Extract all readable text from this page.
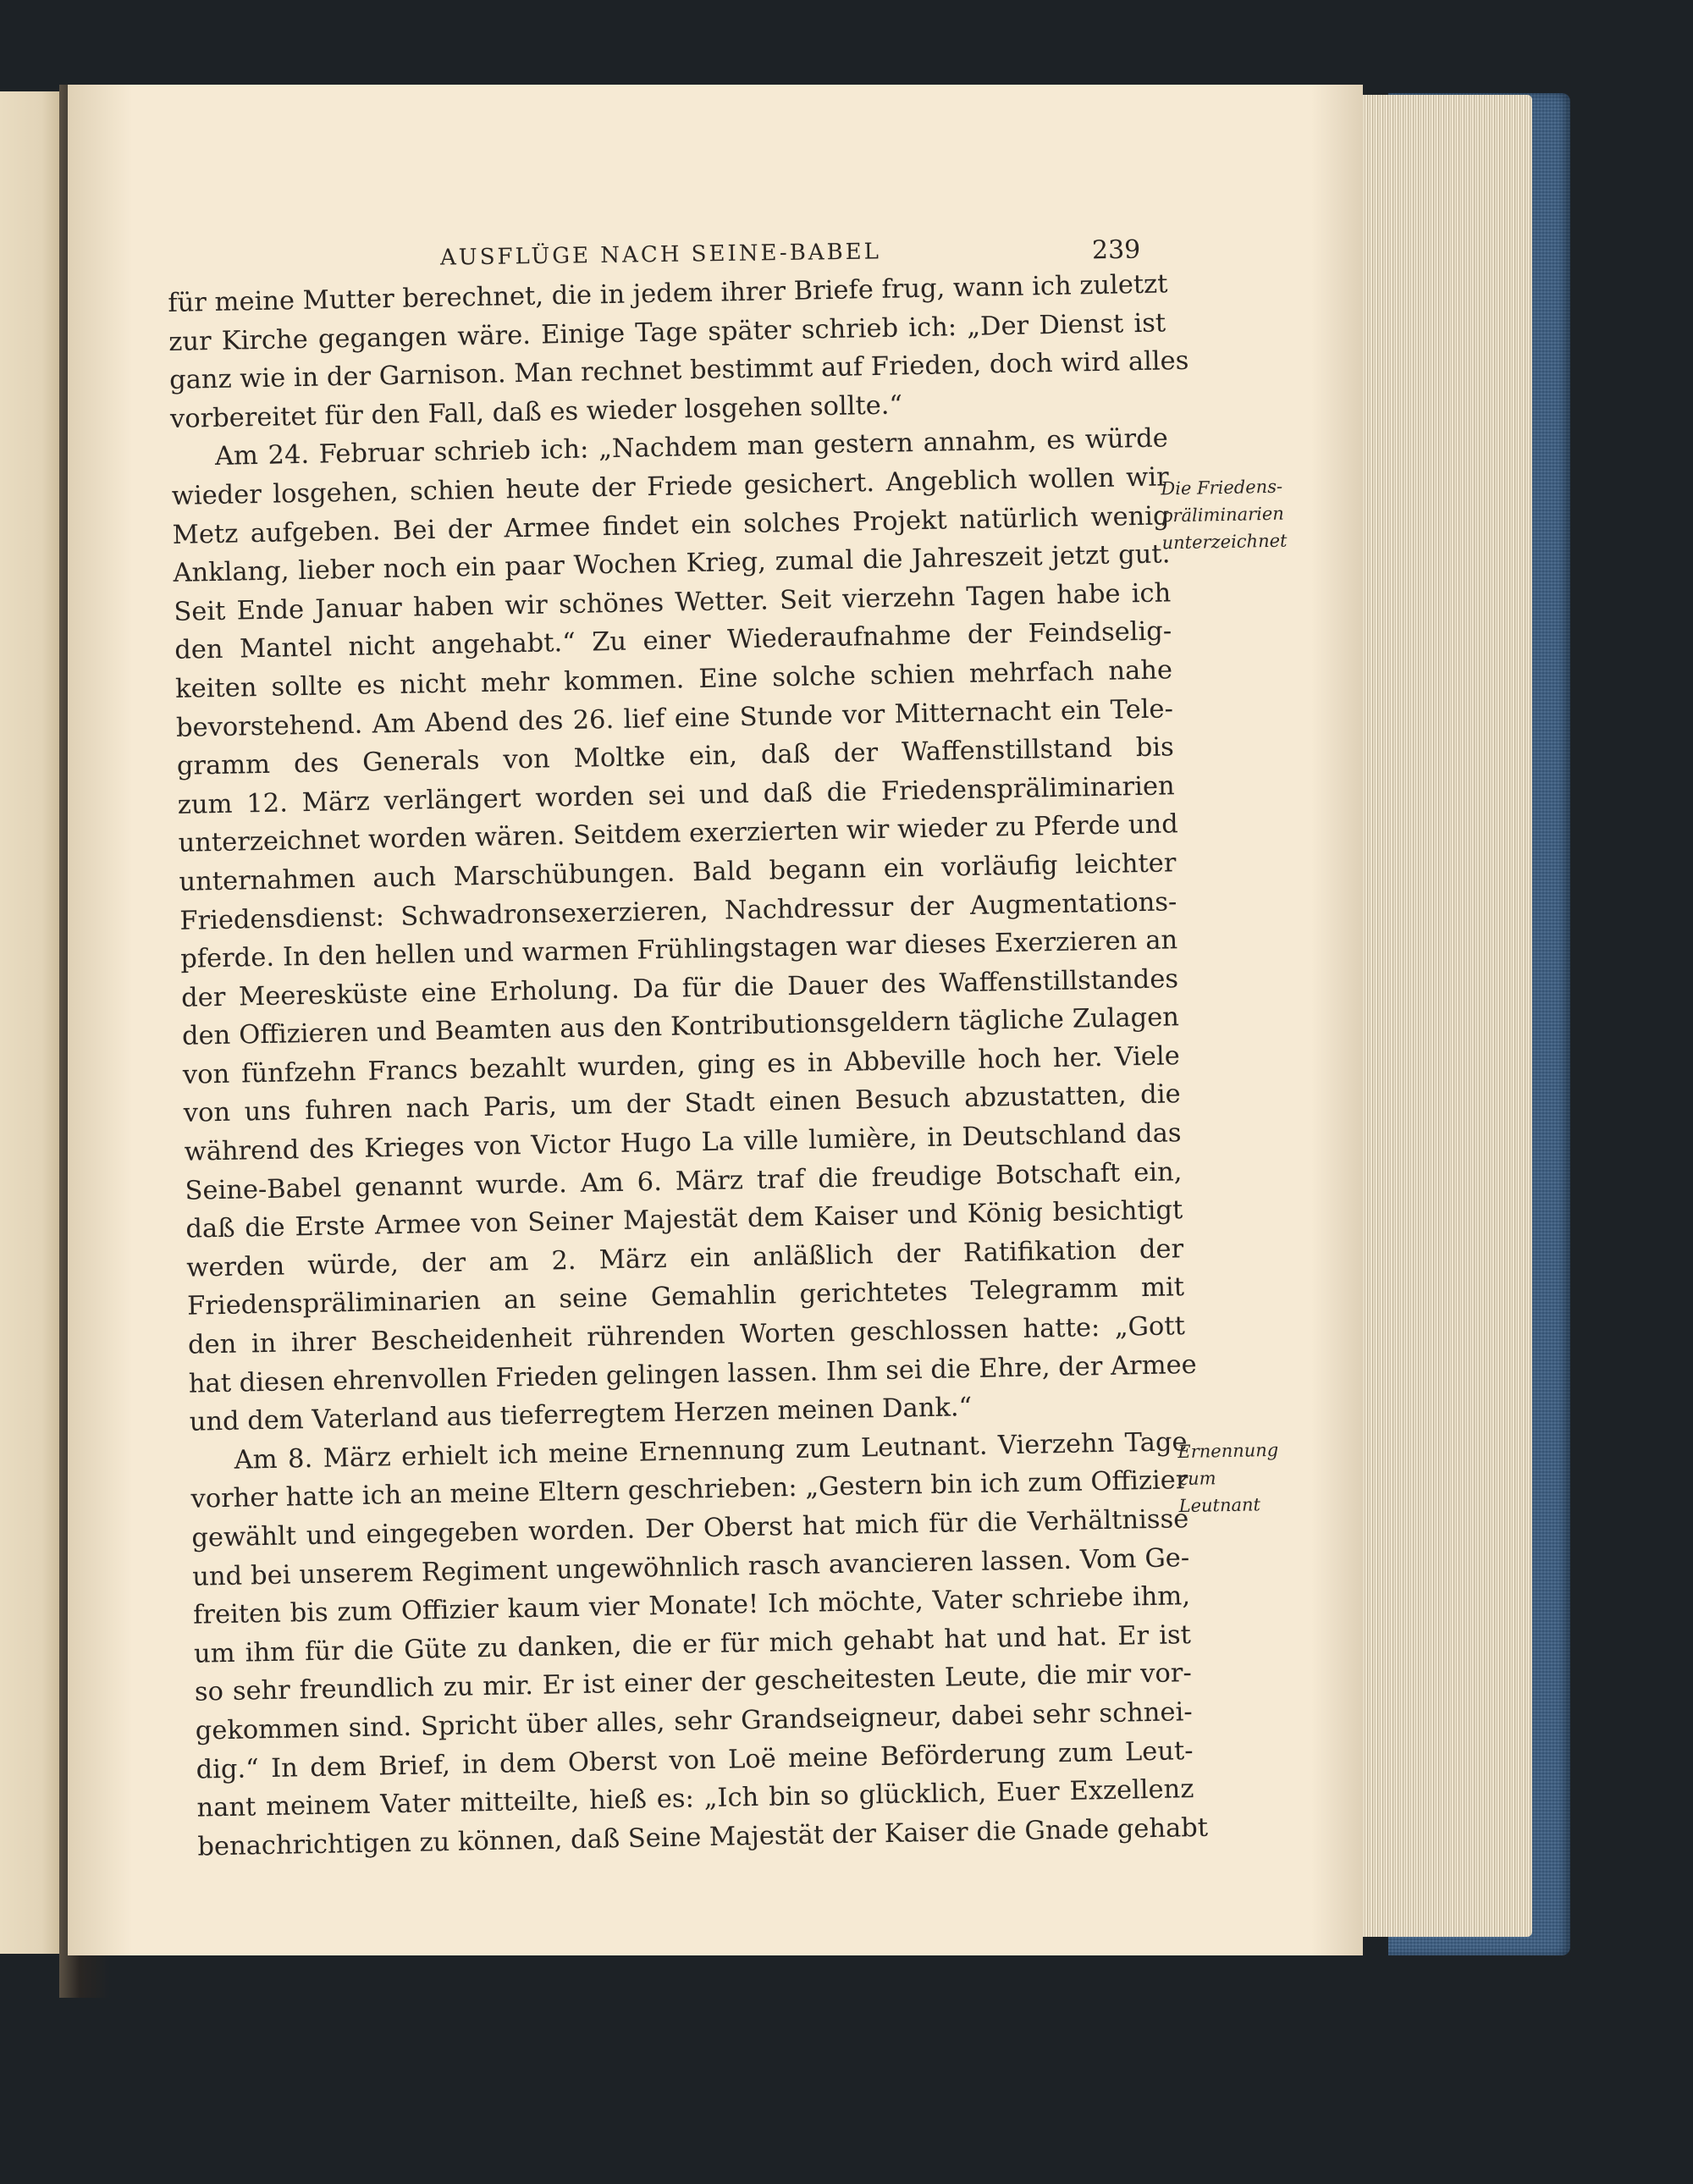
AUSFLÜGE NACH SEINE-BABEL	239
für meine Mutter berechnet, die in jedem ihrer Briefe frug, wann ich zuletzt
zur Kirche gegangen wäre. Einige Tage später schrieb ich: „Der Dienst ist
ganz wie in der Garnison. Man rechnet bestimmt auf Frieden, doch wird alles
vorbereitet für den Fall, daß es wieder losgehen sollte.“
Am 24. Februar schrieb ich: „Nachdem man gestern annahm, es würde
wieder losgehen, schien heute der Friede gesichert. Angeblich wollen wir
Metz aufgeben. Bei der Armee findet ein solches Projekt natürlich wenig
Anklang, lieber noch ein paar Wochen Krieg, zumal die Jahreszeit jetzt gut.
Seit Ende Januar haben wir schönes Wetter. Seit vierzehn Tagen habe ich
den Mantel nicht angehabt.“ Zu einer Wiederaufnahme der Feindselig-
keiten sollte es nicht mehr kommen. Eine solche schien mehrfach nahe
bevorstehend. Am Abend des 26. lief eine Stunde vor Mitternacht ein Tele-
gramm des Generals von Moltke ein, daß der Waffenstillstand bis
zum 12. März verlängert worden sei und daß die Friedenspräliminarien
unterzeichnet worden wären. Seitdem exerzierten wir wieder zu Pferde und
unternahmen auch Marschübungen. Bald begann ein vorläufig leichter
Friedensdienst: Schwadronsexerzieren, Nachdressur der Augmentations-
pferde. In den hellen und warmen Frühlingstagen war dieses Exerzieren an
der Meeresküste eine Erholung. Da für die Dauer des Waffenstillstandes
den Offizieren und Beamten aus den Kontributionsgeldern tägliche Zulagen
von fünfzehn Francs bezahlt wurden, ging es in Abbeville hoch her. Viele
von uns fuhren nach Paris, um der Stadt einen Besuch abzustatten, die
während des Krieges von Victor Hugo La ville lumière, in Deutschland das
Seine-Babel genannt wurde. Am 6. März traf die freudige Botschaft ein,
daß die Erste Armee von Seiner Majestät dem Kaiser und König besichtigt
werden würde, der am 2. März ein anläßlich der Ratifikation der
Friedenspräliminarien an seine Gemahlin gerichtetes Telegramm mit
den in ihrer Bescheidenheit rührenden Worten geschlossen hatte: „Gott
hat diesen ehrenvollen Frieden gelingen lassen. Ihm sei die Ehre, der Armee
und dem Vaterland aus tieferregtem Herzen meinen Dank.“
Am 8. März erhielt ich meine Ernennung zum Leutnant. Vierzehn Tage
vorher hatte ich an meine Eltern geschrieben: „Gestern bin ich zum Offizier
gewählt und eingegeben worden. Der Oberst hat mich für die Verhältnisse
und bei unserem Regiment ungewöhnlich rasch avancieren lassen. Vom Ge-
freiten bis zum Offizier kaum vier Monate! Ich möchte, Vater schriebe ihm,
um ihm für die Güte zu danken, die er für mich gehabt hat und hat. Er ist
so sehr freundlich zu mir. Er ist einer der gescheitesten Leute, die mir vor-
gekommen sind. Spricht über alles, sehr Grandseigneur, dabei sehr schnei-
dig.“ In dem Brief, in dem Oberst von Loë meine Beförderung zum Leut-
nant meinem Vater mitteilte, hieß es: „Ich bin so glücklich, Euer Exzellenz
benachrichtigen zu können, daß Seine Majestät der Kaiser die Gnade gehabt
Die Friedens-
präliminarien
unterzeichnet
Ernennung
zum
Leutnant
